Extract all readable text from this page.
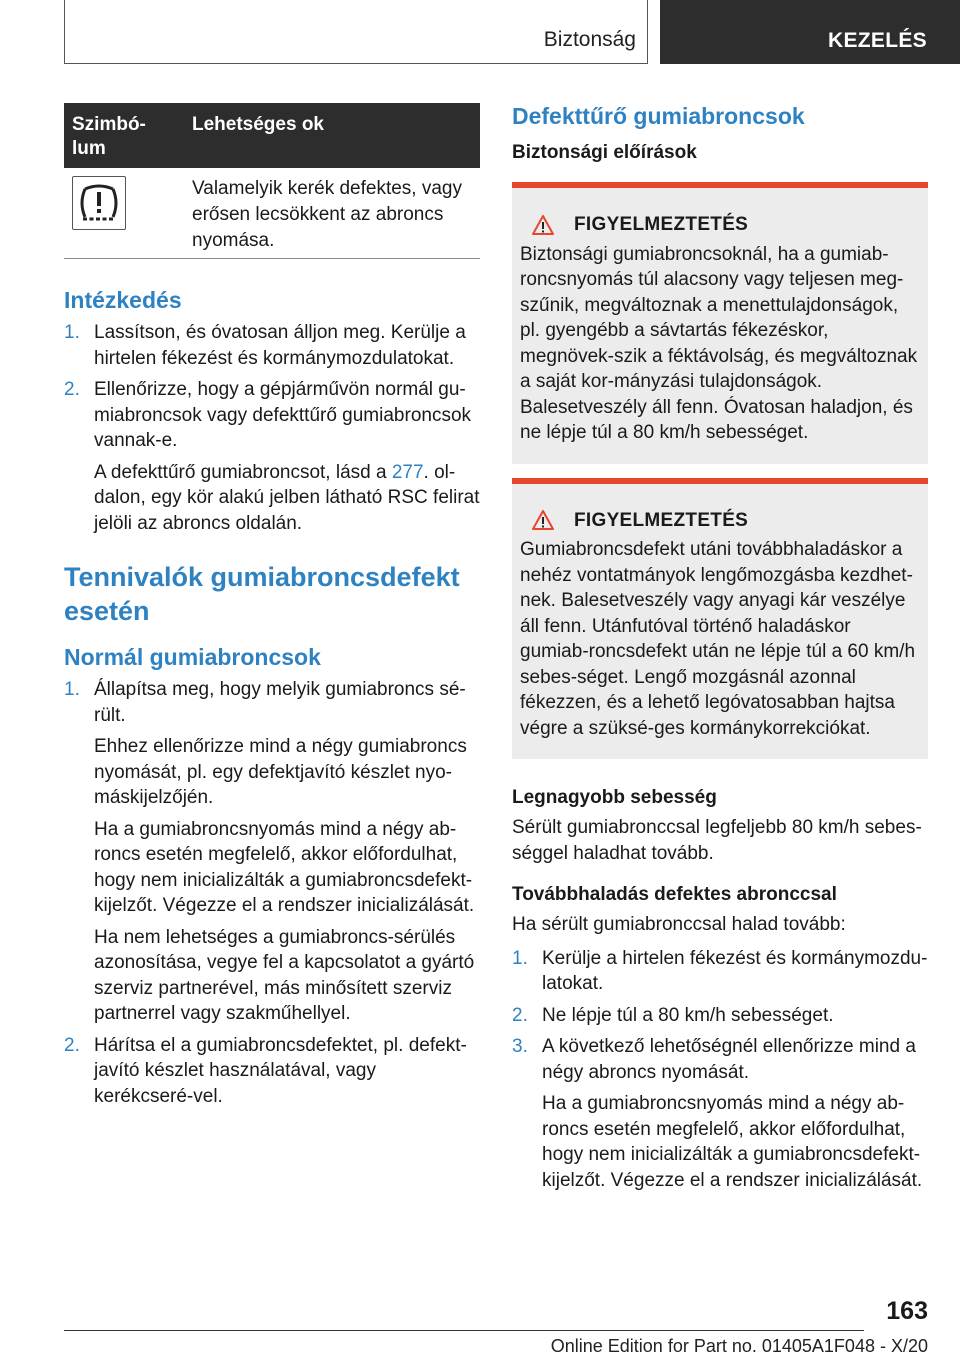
Biztonság	KEZELÉS
Szimbó-lum
Lehetséges ok
Valamelyik kerék defektes, vagy erősen lecsökkent az abroncs nyomása.
Intézkedés
1. Lassítson, és óvatosan álljon meg. Kerülje a hirtelen fékezést és kormánymozdulatokat.
2. Ellenőrizze, hogy a gépjárművön normál gu-miabroncsok vagy defekttűrő gumiabroncsok vannak-e.
A defekttűrő gumiabroncsot, lásd a 277. ol-dalon, egy kör alakú jelben látható RSC felirat jelöli az abroncs oldalán.
Tennivalók gumiabroncsdefekt esetén
Normál gumiabroncsok
1. Állapítsa meg, hogy melyik gumiabroncs sé-rült.
Ehhez ellenőrizze mind a négy gumiabroncs nyomását, pl. egy defektjavító készlet nyo-máskijelzőjén.
Ha a gumiabroncsnyomás mind a négy ab-roncs esetén megfelelő, akkor előfordulhat, hogy nem inicializálták a gumiabroncsdefekt-kijelzőt. Végezze el a rendszer inicializálását.
Ha nem lehetséges a gumiabroncs-sérülés azonosítása, vegye fel a kapcsolatot a gyártó szerviz partnerével, más minősített szerviz partnerrel vagy szakműhellyel.
2. Hárítsa el a gumiabroncsdefektet, pl. defekt-javító készlet használatával, vagy kerékcseré-vel.
Defekttűrő gumiabroncsok
Biztonsági előírások
FIGYELMEZTETÉS
Biztonsági gumiabroncsoknál, ha a gumiab-roncsnyomás túl alacsony vagy teljesen meg-szűnik, megváltoznak a menettulajdonságok, pl. gyengébb a sávtartás fékezéskor, megnövek-szik a féktávolság, és megváltoznak a saját kor-mányzási tulajdonságok. Balesetveszély áll fenn. Óvatosan haladjon, és ne lépje túl a 80 km/h sebességet.
FIGYELMEZTETÉS
Gumiabroncsdefekt utáni továbbhaladáskor a nehéz vontatmányok lengőmozgásba kezdhet-nek. Balesetveszély vagy anyagi kár veszélye áll fenn. Utánfutóval történő haladáskor gumiab-roncsdefekt után ne lépje túl a 60 km/h sebes-séget. Lengő mozgásnál azonnal fékezzen, és a lehető legóvatosabban hajtsa végre a szüksé-ges kormánykorrekciókat.
Legnagyobb sebesség
Sérült gumiabronccsal legfeljebb 80 km/h sebes-séggel haladhat tovább.
Továbbhaladás defektes abronccsal
Ha sérült gumiabronccsal halad tovább:
1. Kerülje a hirtelen fékezést és kormánymozdu-latokat.
2. Ne lépje túl a 80 km/h sebességet.
3. A következő lehetőségnél ellenőrizze mind a négy abroncs nyomását.
Ha a gumiabroncsnyomás mind a négy ab-roncs esetén megfelelő, akkor előfordulhat, hogy nem inicializálták a gumiabroncsdefekt-kijelzőt. Végezze el a rendszer inicializálását.
163
Online Edition for Part no. 01405A1F048 - X/20
